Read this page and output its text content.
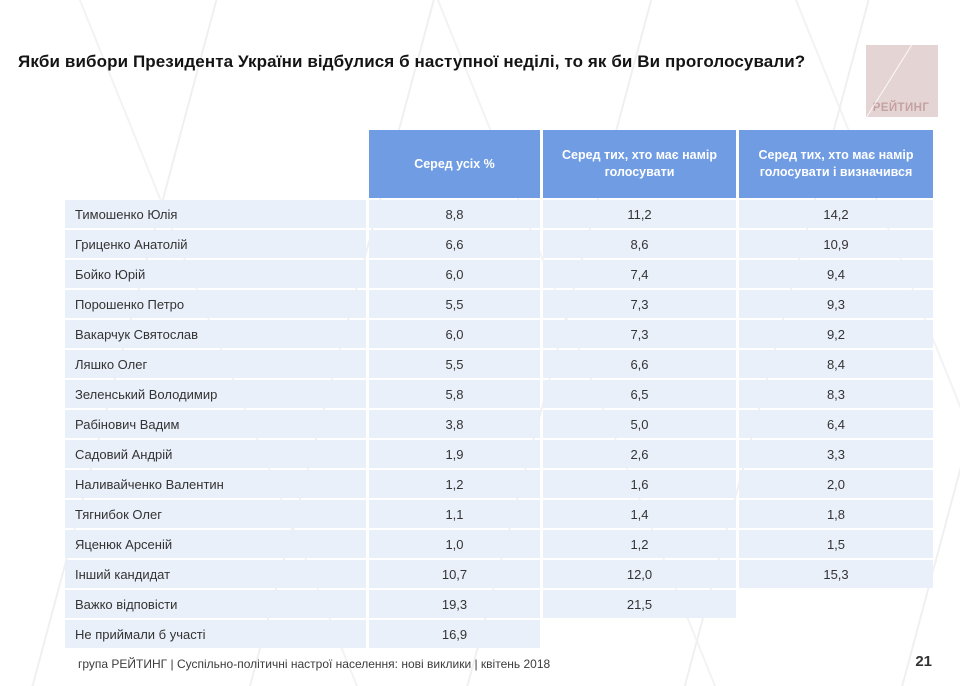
Якби вибори Президента України відбулися б наступної неділі, то як би Ви проголосували?
РЕЙТИНГ
Серед усіх %
Серед тих, хто має намір голосувати
Серед тих, хто має намір голосувати і визначився
Тимошенко Юлія	8,8	11,2	14,2
Гриценко Анатолій	6,6	8,6	10,9
Бойко Юрій	6,0	7,4	9,4
Порошенко Петро	5,5	7,3	9,3
Вакарчук Святослав	6,0	7,3	9,2
Ляшко Олег	5,5	6,6	8,4
Зеленський Володимир	5,8	6,5	8,3
Рабінович Вадим	3,8	5,0	6,4
Садовий Андрій	1,9	2,6	3,3
Наливайченко Валентин	1,2	1,6	2,0
Тягнибок Олег	1,1	1,4	1,8
Яценюк Арсеній	1,0	1,2	1,5
Інший кандидат	10,7	12,0	15,3
Важко відповісти	19,3	21,5
Не приймали б участі	16,9
група РЕЙТИНГ | Суспільно-політичні настрої населення: нові виклики | квітень 2018	21
